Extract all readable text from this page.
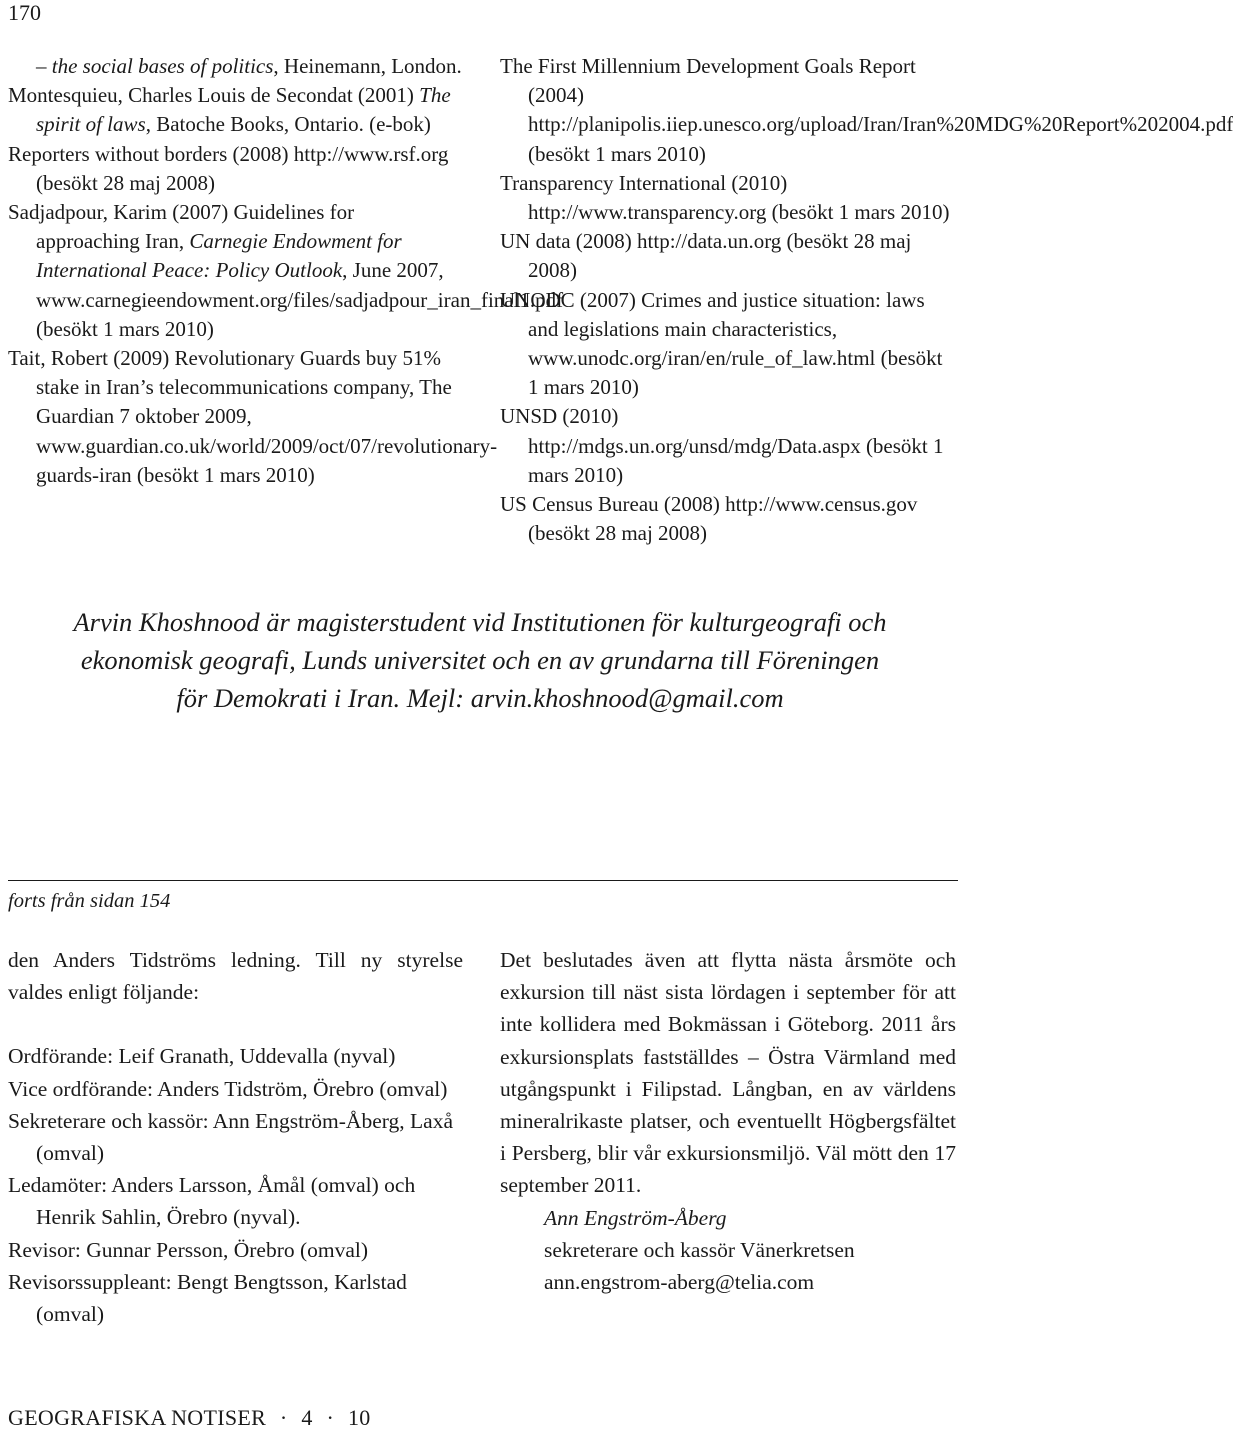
170
– the social bases of politics, Heinemann, London.
Montesquieu, Charles Louis de Secondat (2001) The spirit of laws, Batoche Books, Ontario. (e-bok)
Reporters without borders (2008) http://www.rsf.org (besökt 28 maj 2008)
Sadjadpour, Karim (2007) Guidelines for approaching Iran, Carnegie Endowment for International Peace: Policy Outlook, June 2007, www.carnegieendowment.org/files/sadjadpour_iran_final1.pdf (besökt 1 mars 2010)
Tait, Robert (2009) Revolutionary Guards buy 51% stake in Iran’s telecommunications company, The Guardian 7 oktober 2009, www.guardian.co.uk/world/2009/oct/07/revolutionary-guards-iran (besökt 1 mars 2010)
The First Millennium Development Goals Report (2004) http://planipolis.iiep.unesco.org/upload/Iran/Iran%20MDG%20Report%202004.pdf (besökt 1 mars 2010)
Transparency International (2010) http://www.transparency.org (besökt 1 mars 2010)
UN data (2008) http://data.un.org (besökt 28 maj 2008)
UNODC (2007) Crimes and justice situation: laws and legislations main characteristics, www.unodc.org/iran/en/rule_of_law.html (besökt 1 mars 2010)
UNSD (2010) http://mdgs.un.org/unsd/mdg/Data.aspx (besökt 1 mars 2010)
US Census Bureau (2008) http://www.census.gov (besökt 28 maj 2008)
Arvin Khoshnood är magisterstudent vid Institutionen för kulturgeografi och
ekonomisk geografi, Lunds universitet och en av grundarna till Föreningen
för Demokrati i Iran. Mejl: arvin.khoshnood@gmail.com
forts från sidan 154
den Anders Tidströms ledning. Till ny styrelse valdes enligt följande:
Ordförande: Leif Granath, Uddevalla (nyval)
Vice ordförande: Anders Tidström, Örebro (omval)
Sekreterare och kassör: Ann Engström-Åberg, Laxå (omval)
Ledamöter: Anders Larsson, Åmål (omval) och Henrik Sahlin, Örebro (nyval).
Revisor: Gunnar Persson, Örebro (omval)
Revisorssuppleant: Bengt Bengtsson, Karlstad (omval)
Det beslutades även att flytta nästa årsmöte och exkursion till näst sista lördagen i september för att inte kollidera med Bokmässan i Göteborg. 2011 års exkursionsplats fastställdes – Östra Värmland med utgångspunkt i Filipstad. Långban, en av världens mineralrikaste platser, och eventuellt Högbergsfältet i Persberg, blir vår exkursionsmiljö. Väl mött den 17 september 2011.
Ann Engström-Åberg
sekreterare och kassör Vänerkretsen
ann.engstrom-aberg@telia.com
GEOGRAFISKA NOTISER · 4 · 10
